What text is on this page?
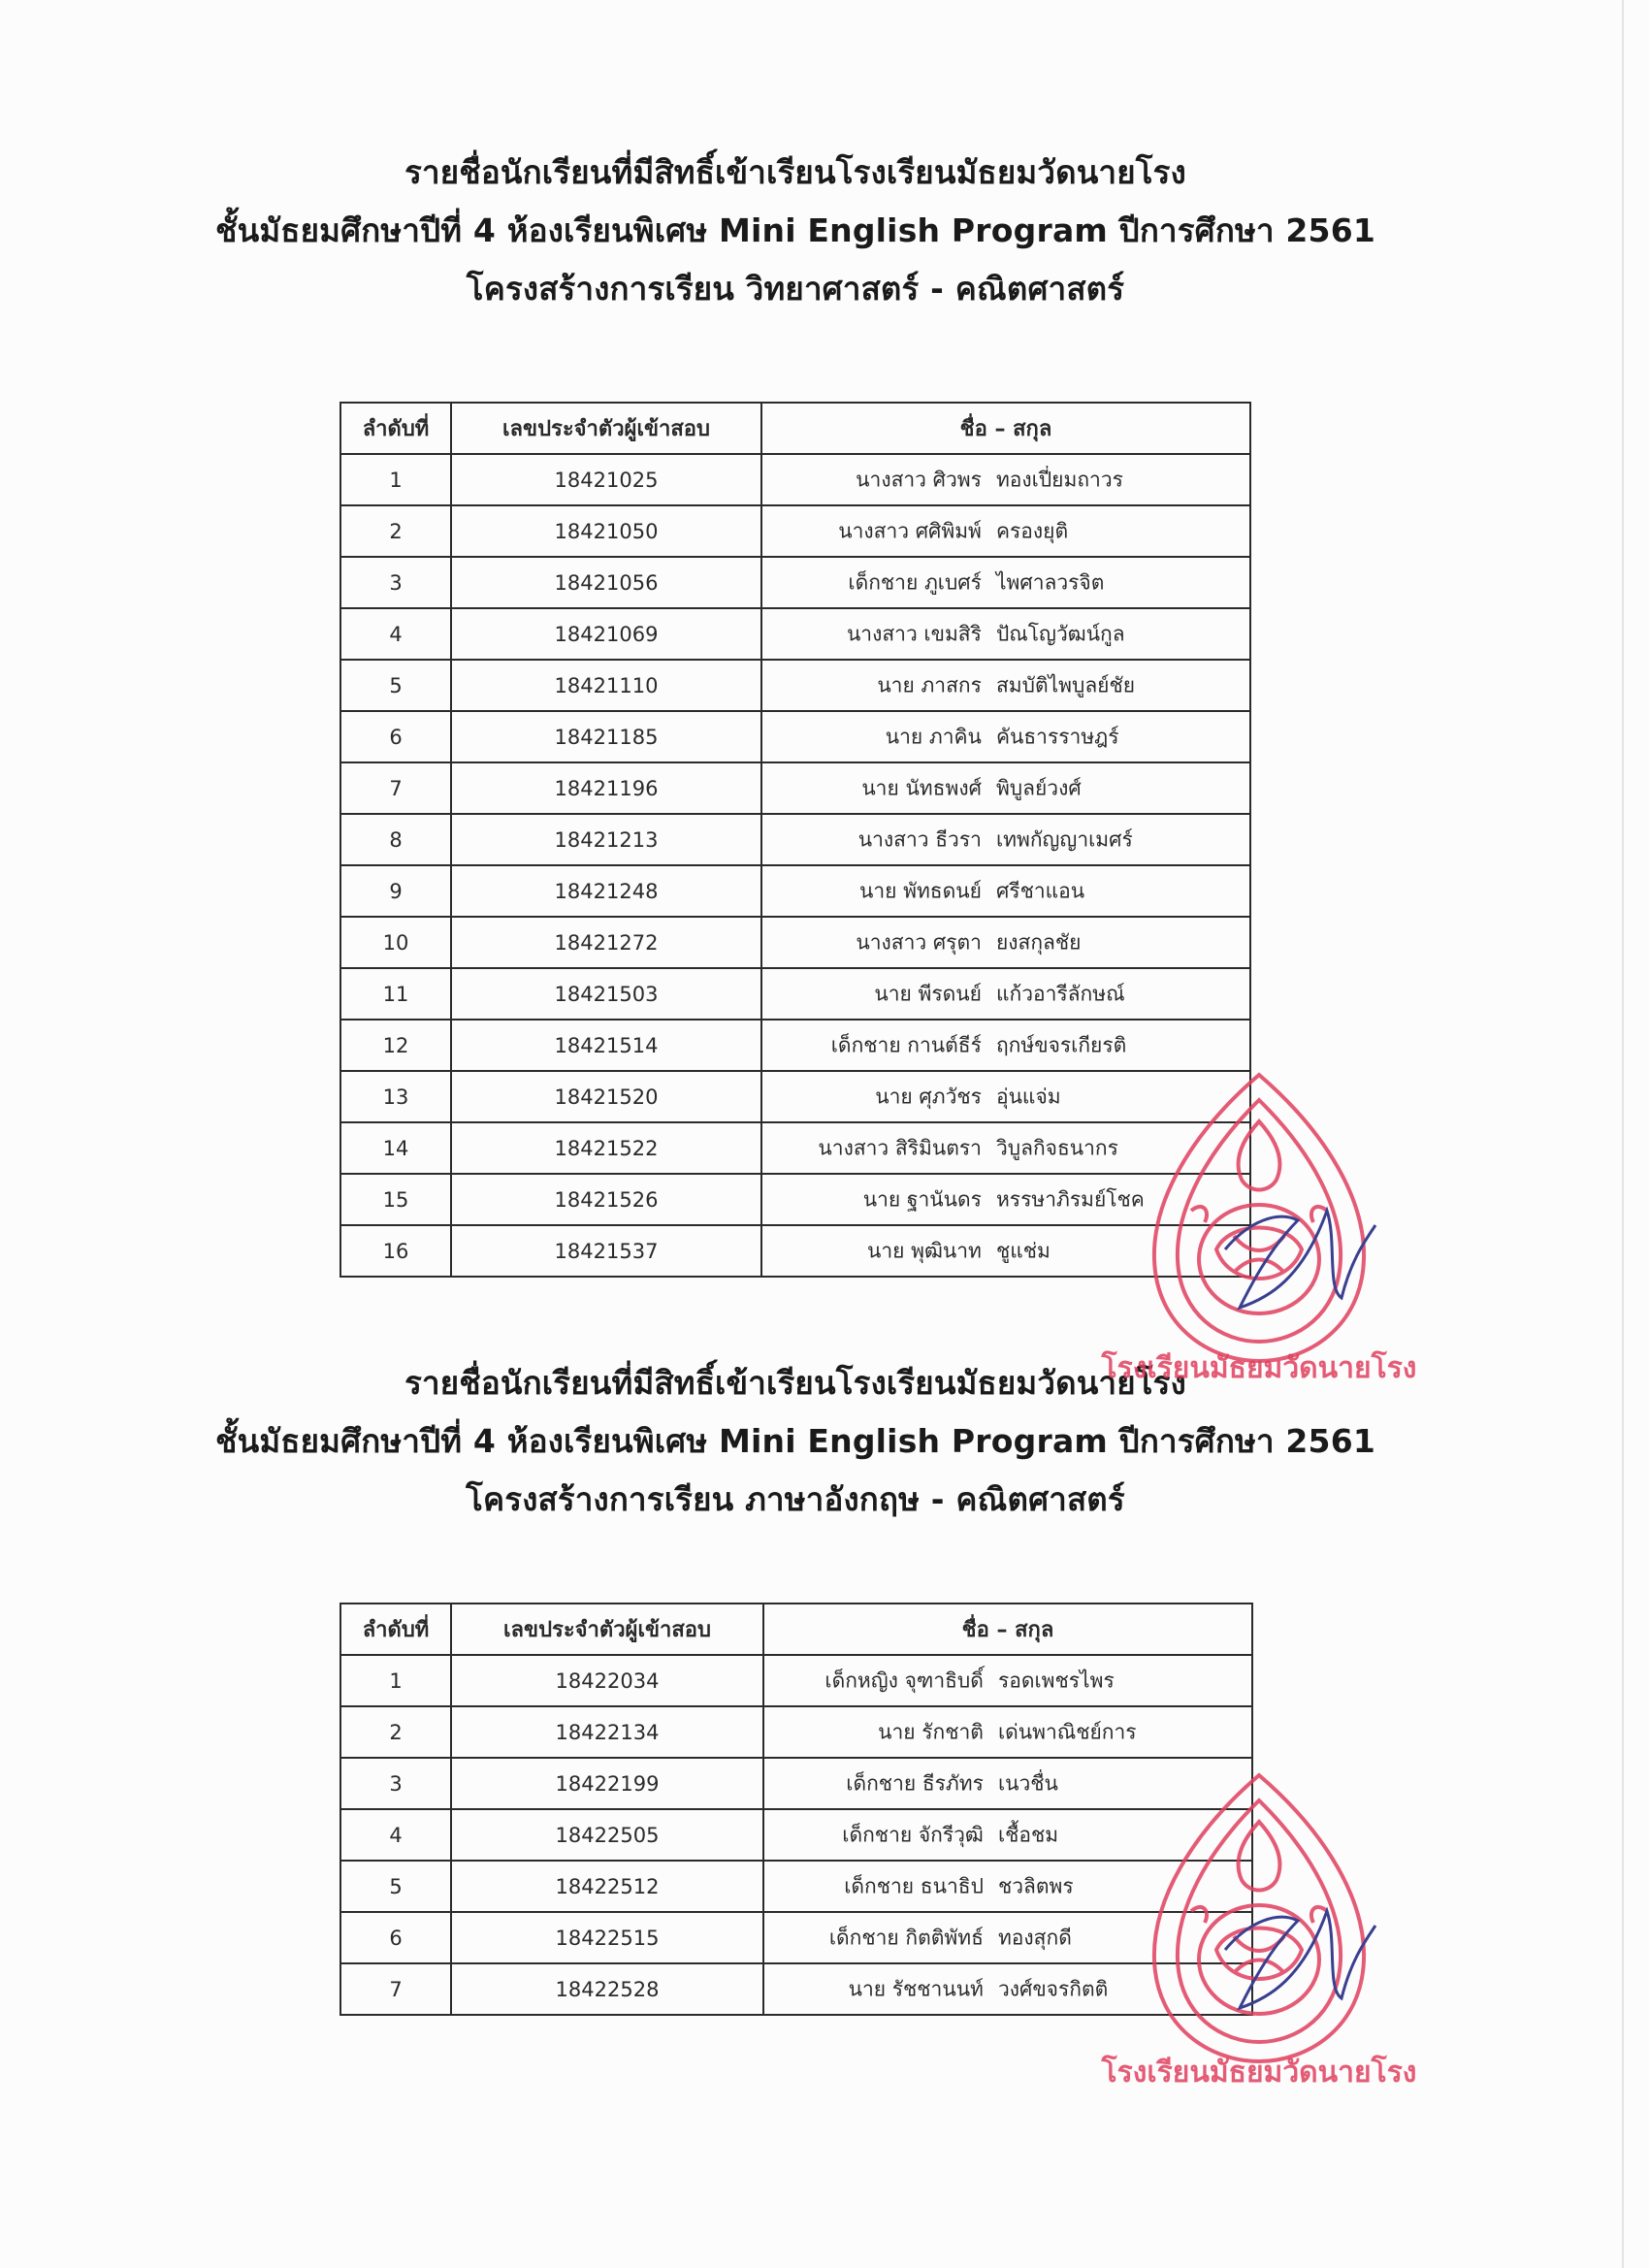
รายชื่อนักเรียนที่มีสิทธิ์เข้าเรียนโรงเรียนมัธยมวัดนายโรง
ชั้นมัธยมศึกษาปีที่ 4 ห้องเรียนพิเศษ Mini English Program ปีการศึกษา 2561
โครงสร้างการเรียน วิทยาศาสตร์ - คณิตศาสตร์
ลำดับที่	เลขประจำตัวผู้เข้าสอบ	ชื่อ – สกุล
1	18421025	นางสาว ศิวพร ทองเปี่ยมถาวร

2	18421050	นางสาว ศศิพิมพ์ ครองยุติ

3	18421056	เด็กชาย ภูเบศร์ ไพศาลวรจิต

4	18421069	นางสาว เขมสิริ ปัณโญวัฒน์กูล

5	18421110	นาย ภาสกร สมบัติไพบูลย์ชัย

6	18421185	นาย ภาคิน คันธารราษฎร์

7	18421196	นาย นัทธพงศ์ พิบูลย์วงศ์

8	18421213	นางสาว ธีวรา เทพกัญญาเมศร์

9	18421248	นาย พัทธดนย์ ศรีชาแอน

10	18421272	นางสาว ศรุตา ยงสกุลชัย

11	18421503	นาย พีรดนย์ แก้วอารีลักษณ์

12	18421514	เด็กชาย กานต์ธีร์ ฤกษ์ขจรเกียรติ

13	18421520	นาย ศุภวัชร อุ่นแจ่ม

14	18421522	นางสาว สิริมินตรา วิบูลกิจธนากร

15	18421526	นาย ฐานันดร หรรษาภิรมย์โชค

16	18421537	นาย พุฒินาท ชูแช่ม
รายชื่อนักเรียนที่มีสิทธิ์เข้าเรียนโรงเรียนมัธยมวัดนายโรง
ชั้นมัธยมศึกษาปีที่ 4 ห้องเรียนพิเศษ Mini English Program ปีการศึกษา 2561
โครงสร้างการเรียน ภาษาอังกฤษ - คณิตศาสตร์
ลำดับที่	เลขประจำตัวผู้เข้าสอบ	ชื่อ – สกุล
1	18422034	เด็กหญิง จุฑาธิบดิ์ รอดเพชรไพร

2	18422134	นาย รักชาติ เด่นพาณิชย์การ

3	18422199	เด็กชาย ธีรภัทร เนวชื่น

4	18422505	เด็กชาย จักรีวุฒิ เชื้อชม

5	18422512	เด็กชาย ธนาธิป ชวลิตพร

6	18422515	เด็กชาย กิตติพัทธ์ ทองสุกดี

7	18422528	นาย รัชชานนท์ วงศ์ขจรกิตติ
โรงเรียนมัธยมวัดนายโรง
โรงเรียนมัธยมวัดนายโรง
